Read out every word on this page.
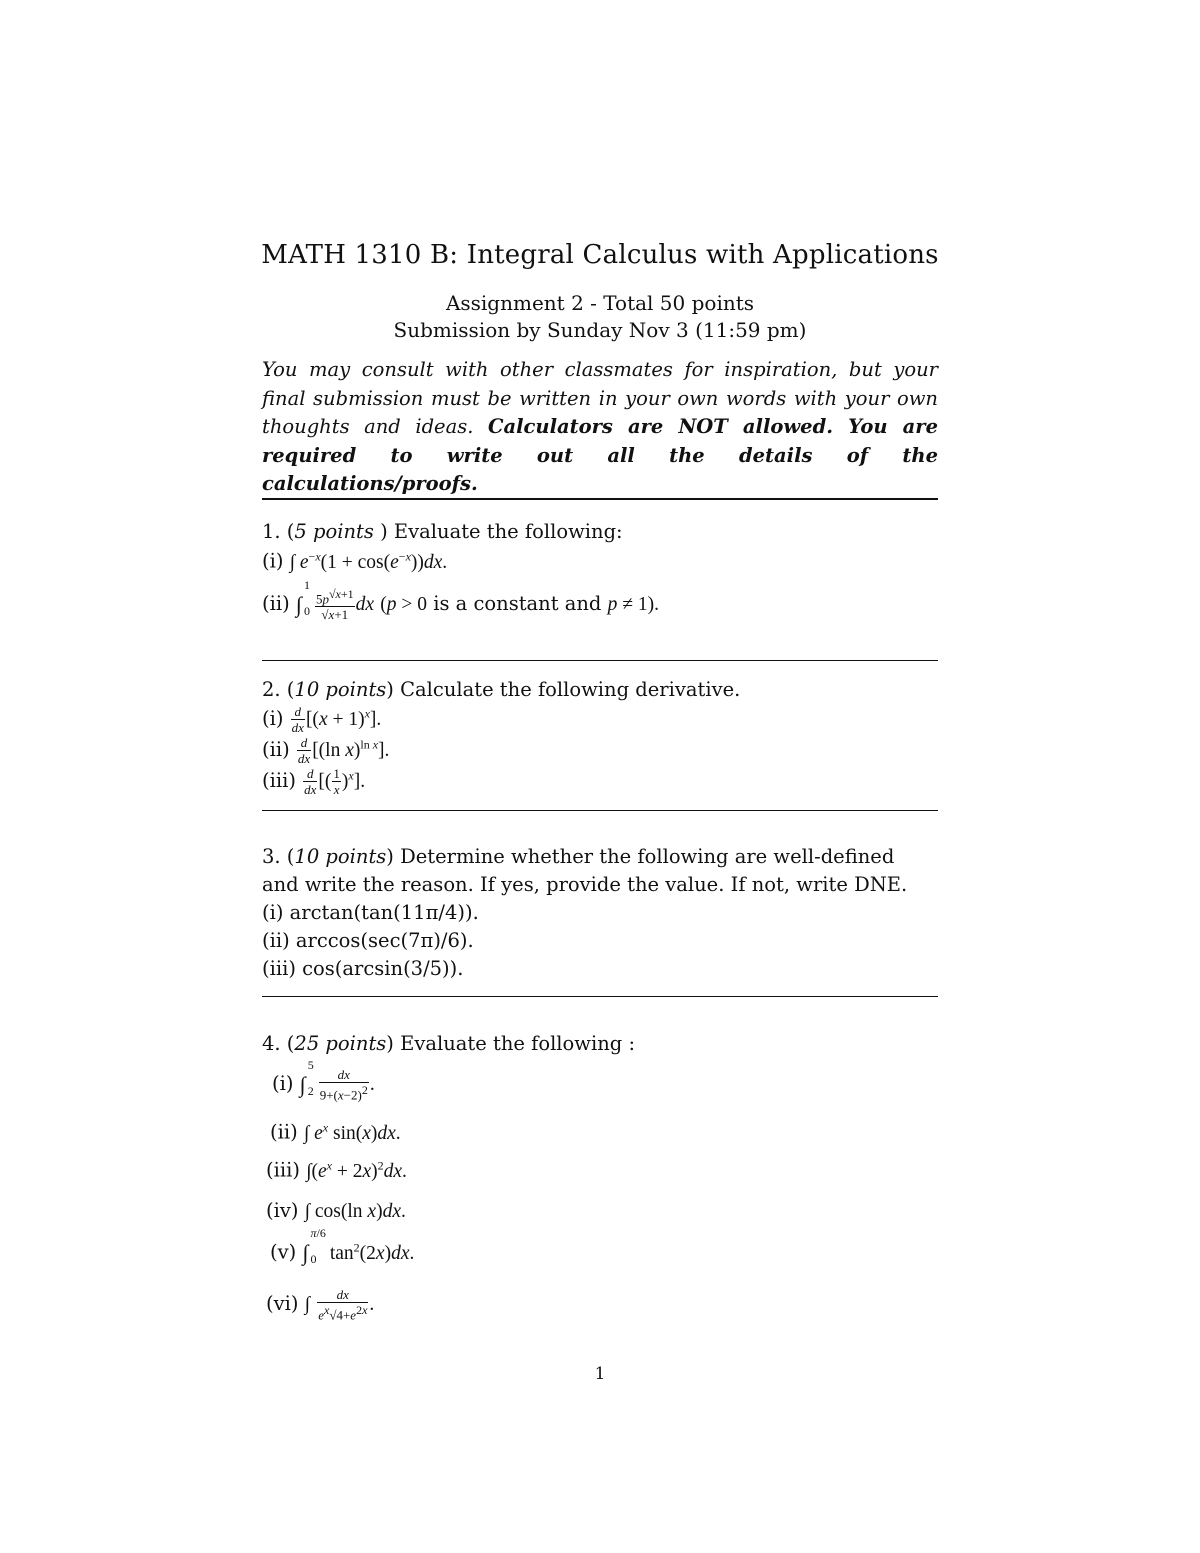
MATH 1310 B: Integral Calculus with Applications
Assignment 2 - Total 50 points
Submission by Sunday Nov 3 (11:59 pm)
You may consult with other classmates for inspiration, but your final submission must be written in your own words with your own thoughts and ideas. Calculators are NOT allowed. You are required to write out all the details of the calculations/proofs.
1. (5 points ) Evaluate the following:
(i) ∫ $e^{-x}(1 + \cos(e^{-x}))dx$.
(ii) ∫
1
$0 \frac{5p^{√x+1}}{√x+1}$ dx (p > 0 is a constant and p ≠ 1).
2. (10 points) Calculate the following derivative.
$(i) \frac{d}{dx} [(x + 1)^x]$.
$(ii) \frac{d}{dx} [(\ln$ x)$^{ln x}$].
$(iii) \frac{d}{dx}$ [( $\frac{1}{x} )^x$].
3. (10 points) Determine whether the following are well-defined
and write the reason. If yes, provide the value. If not, write DNE.
(i) arctan(tan(11π/4)).
(ii) arccos(sec(7π)/6).
(iii) cos(arcsin(3/5)).
4. (25 points) Evaluate the following :
(i) ∫
5
$2 \frac{dx}{9+(x-2)^2}$ .
(ii) ∫ $e^x$ sin(x)dx.
(iii) $\int(e^x + 2x)^2dx$.
(iv) ∫ cos(ln x)dx.
(v) ∫
π/6
0 $\tan^2(2x)dx$.
(vi) ∫ $\frac{dx}{e^x√4+e^{2x}}$ .
1
